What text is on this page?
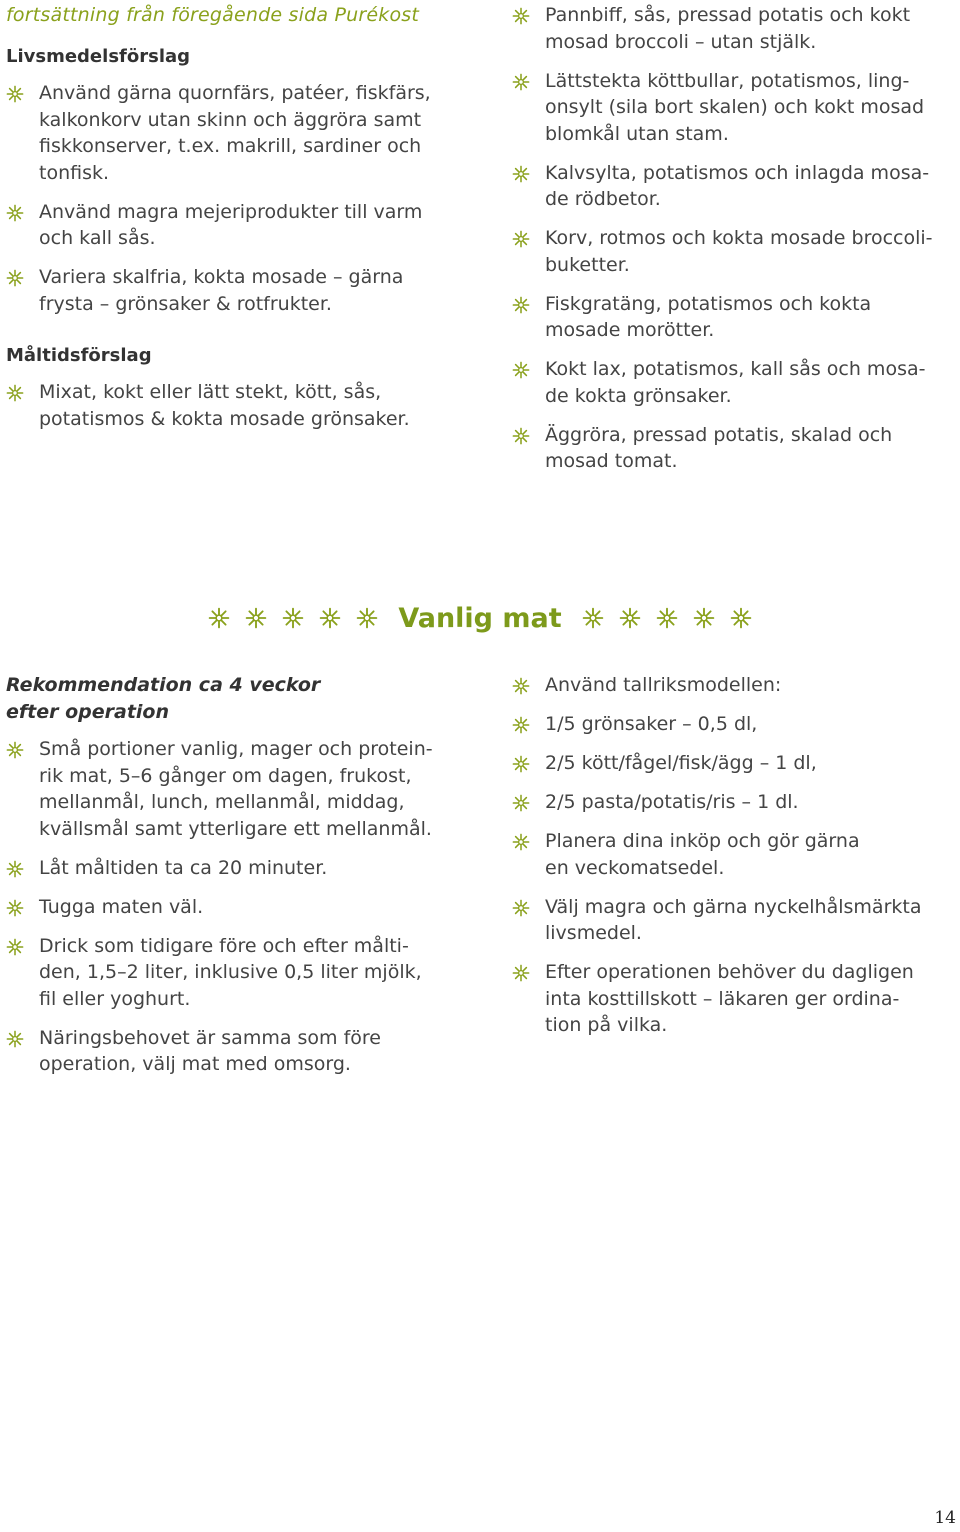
fortsättning från föregående sida Purékost

Livsmedelsförslag
Använd gärna quornfärs, patéer, fiskfärs,
kalkonkorv utan skinn och äggröra samt
fiskkonserver, t.ex. makrill, sardiner och
tonfisk.
Använd magra mejeriprodukter till varm
och kall sås.
Variera skalfria, kokta mosade – gärna
frysta – grönsaker & rotfrukter.
Måltidsförslag
Mixat, kokt eller lätt stekt, kött, sås,
potatismos & kokta mosade grönsaker.
Pannbiff, sås, pressad potatis och kokt
mosad broccoli – utan stjälk.
Lättstekta köttbullar, potatismos, ling-
onsylt (sila bort skalen) och kokt mosad
blomkål utan stam.
Kalvsylta, potatismos och inlagda mosa-
de rödbetor.
Korv, rotmos och kokta mosade broccoli-
buketter.
Fiskgratäng, potatismos och kokta
mosade morötter.
Kokt lax, potatismos, kall sås och mosa-
de kokta grönsaker.
Äggröra, pressad potatis, skalad och
mosad tomat.
Vanlig mat
Rekommendation ca 4 veckor
efter operation
Små portioner vanlig, mager och protein-
rik mat, 5–6 gånger om dagen, frukost,
mellanmål, lunch, mellanmål, middag,
kvällsmål samt ytterligare ett mellanmål.
Låt måltiden ta ca 20 minuter.
Tugga maten väl.
Drick som tidigare före och efter målti-
den, 1,5–2 liter, inklusive 0,5 liter mjölk,
fil eller yoghurt.
Näringsbehovet är samma som före
operation, välj mat med omsorg.
Använd tallriksmodellen:
1/5 grönsaker – 0,5 dl,
2/5 kött/fågel/fisk/ägg – 1 dl,
2/5 pasta/potatis/ris – 1 dl.
Planera dina inköp och gör gärna
en veckomatsedel.
Välj magra och gärna nyckelhålsmärkta
livsmedel.
Efter operationen behöver du dagligen
inta kosttillskott – läkaren ger ordina-
tion på vilka.
14
